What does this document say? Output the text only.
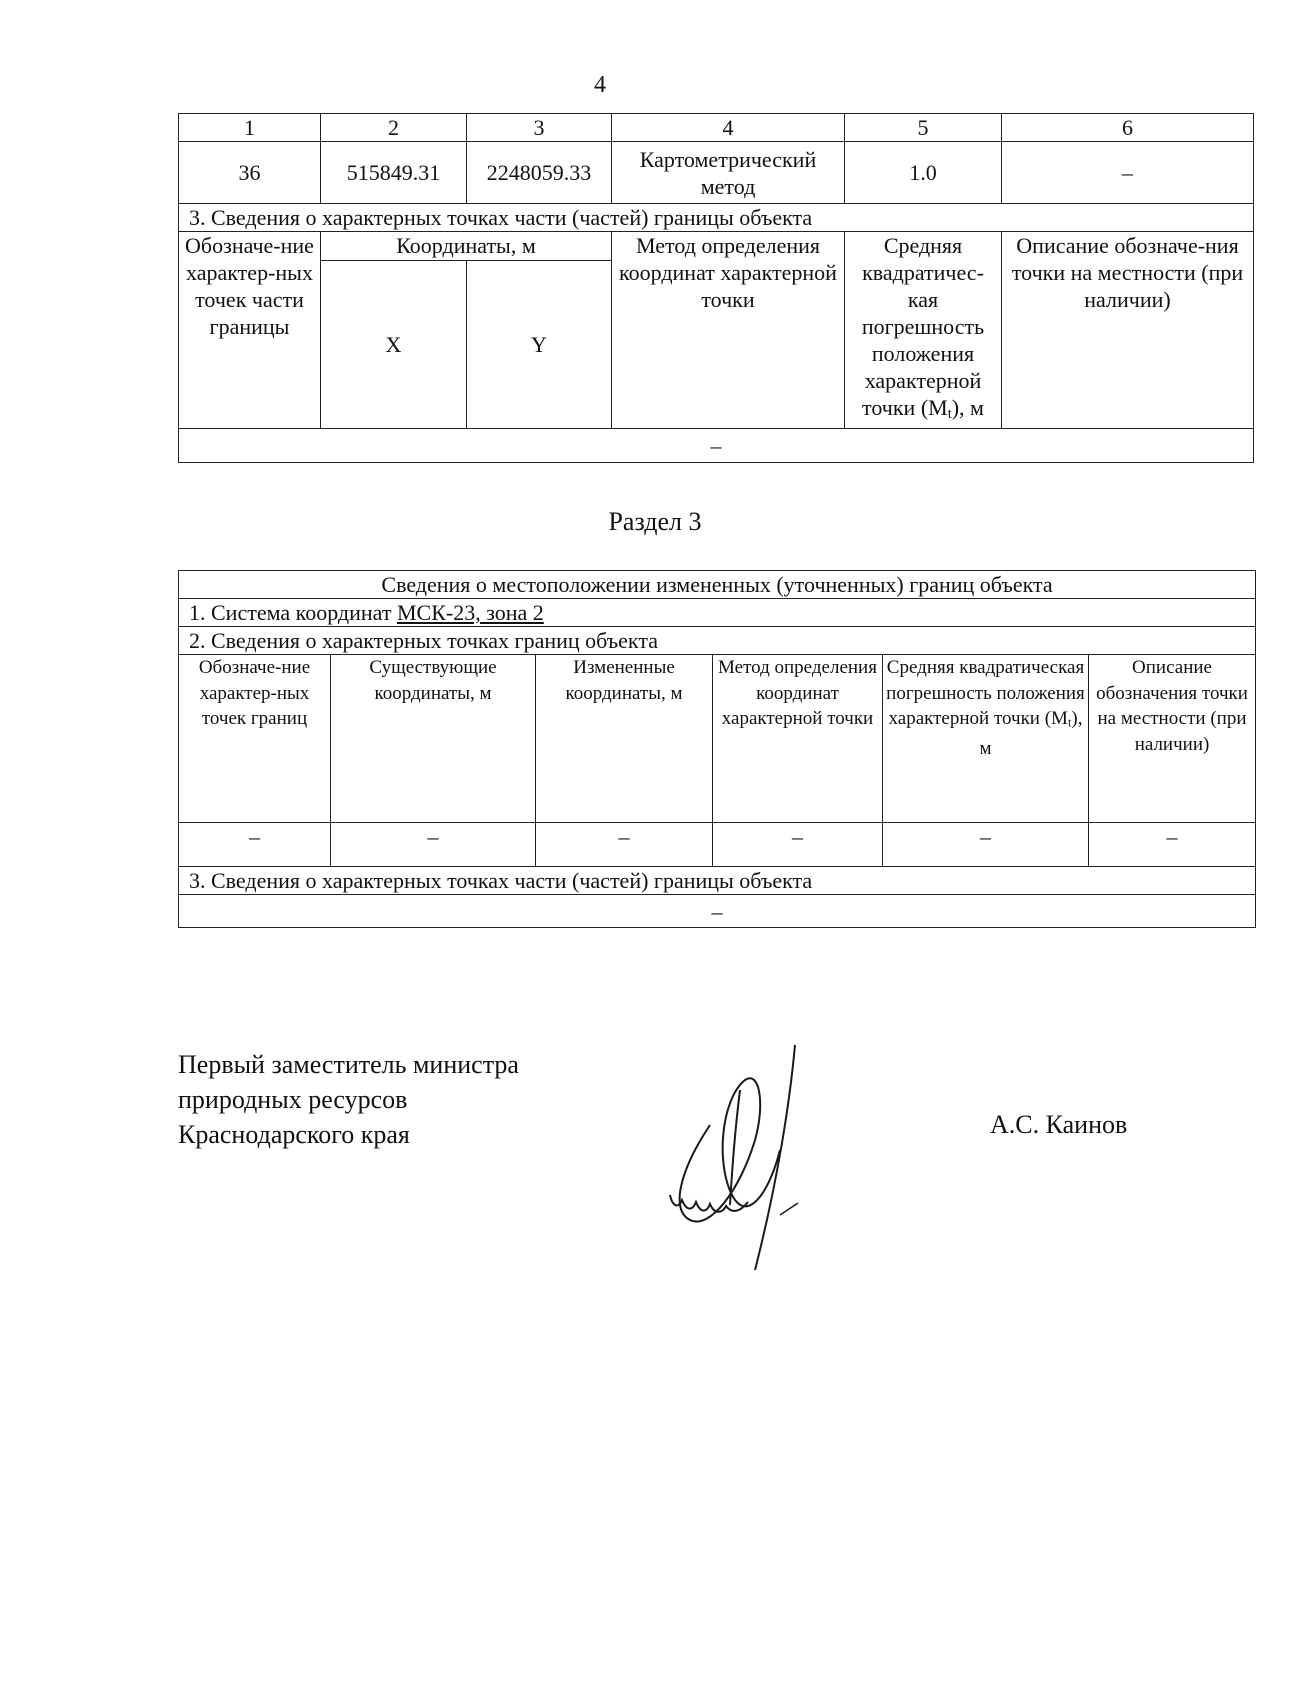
4
1	2	3	4	5	6
36	515849.31	2248059.33	Картометрический метод	1.0	–
3. Сведения о характерных точках части (частей) границы объекта					
Обозначе-ние характер-ных точек части границы	Координаты, м		Метод определения координат характерной точки	Средняя квадратичес-кая погрешность положения характерной точки (Mt), м	Описание обозначе-ния точки на местности (при наличии)
	X	Y			
–					
Раздел 3
Сведения о местоположении измененных (уточненных) границ объекта					
1. Система координат МСК-23, зона 2					
2. Сведения о характерных точках границ объекта					
Обозначе-ние характер-ных точек границ	Существующие координаты, м	Измененные координаты, м	Метод определения координат характерной точки	Средняя квадратическая погрешность положения характерной точки $(M_t)$, м	Описание обозначения точки на местности (при наличии)
–	–	–	–	–	–
3. Сведения о характерных точках части (частей) границы объекта					
–					
Первый заместитель министра
природных ресурсов
Краснодарского края	А.С. Каинов
